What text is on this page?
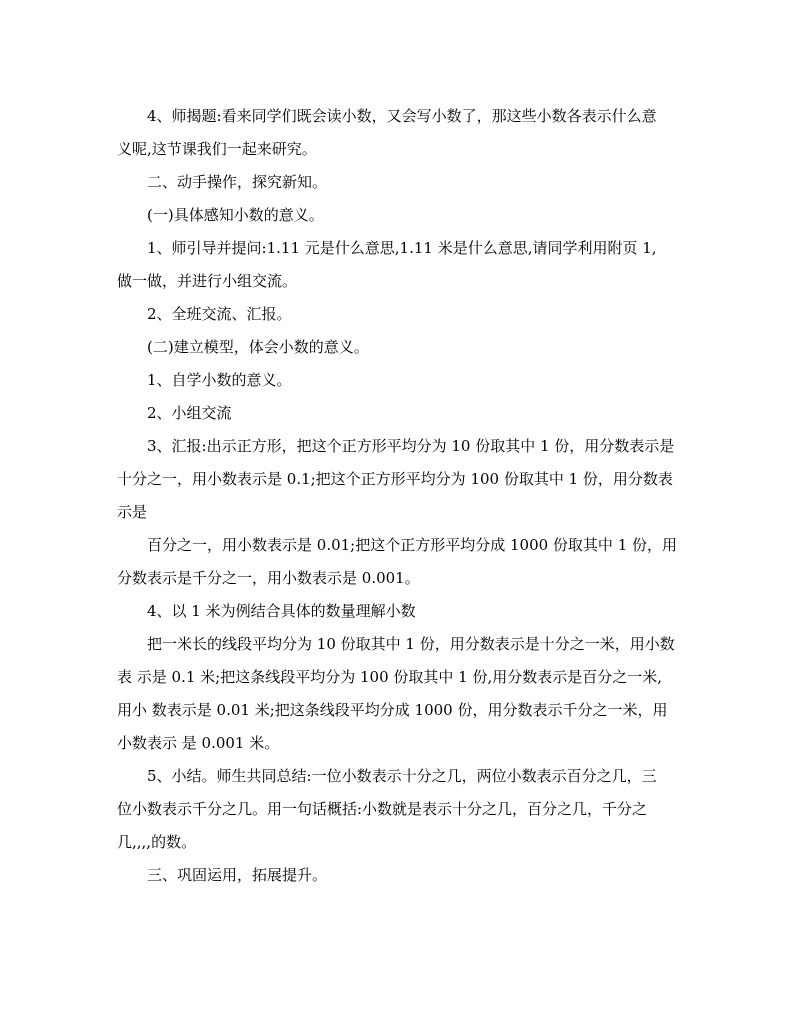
4、师揭题:看来同学们既会读小数，又会写小数了，那这些小数各表示什么意
义呢,这节课我们一起来研究。
二、动手操作，探究新知。
(一)具体感知小数的意义。
1、师引导并提问:1.11 元是什么意思,1.11 米是什么意思,请同学利用附页 1,
做一做，并进行小组交流。
2、全班交流、汇报。
(二)建立模型，体会小数的意义。
1、自学小数的意义。
2、小组交流
3、汇报:出示正方形，把这个正方形平均分为 10 份取其中 1 份，用分数表示是
十分之一，用小数表示是 0.1;把这个正方形平均分为 100 份取其中 1 份，用分数表
示是
百分之一，用小数表示是 0.01;把这个正方形平均分成 1000 份取其中 1 份，用
分数表示是千分之一，用小数表示是 0.001。
4、以 1 米为例结合具体的数量理解小数
把一米长的线段平均分为 10 份取其中 1 份，用分数表示是十分之一米，用小数
表 示是 0.1 米;把这条线段平均分为 100 份取其中 1 份,用分数表示是百分之一米,
用小 数表示是 0.01 米;把这条线段平均分成 1000 份，用分数表示千分之一米，用
小数表示 是 0.001 米。
5、小结。师生共同总结:一位小数表示十分之几，两位小数表示百分之几，三
位小数表示千分之几。用一句话概括:小数就是表示十分之几，百分之几，千分之
几,,,,的数。
三、巩固运用，拓展提升。
